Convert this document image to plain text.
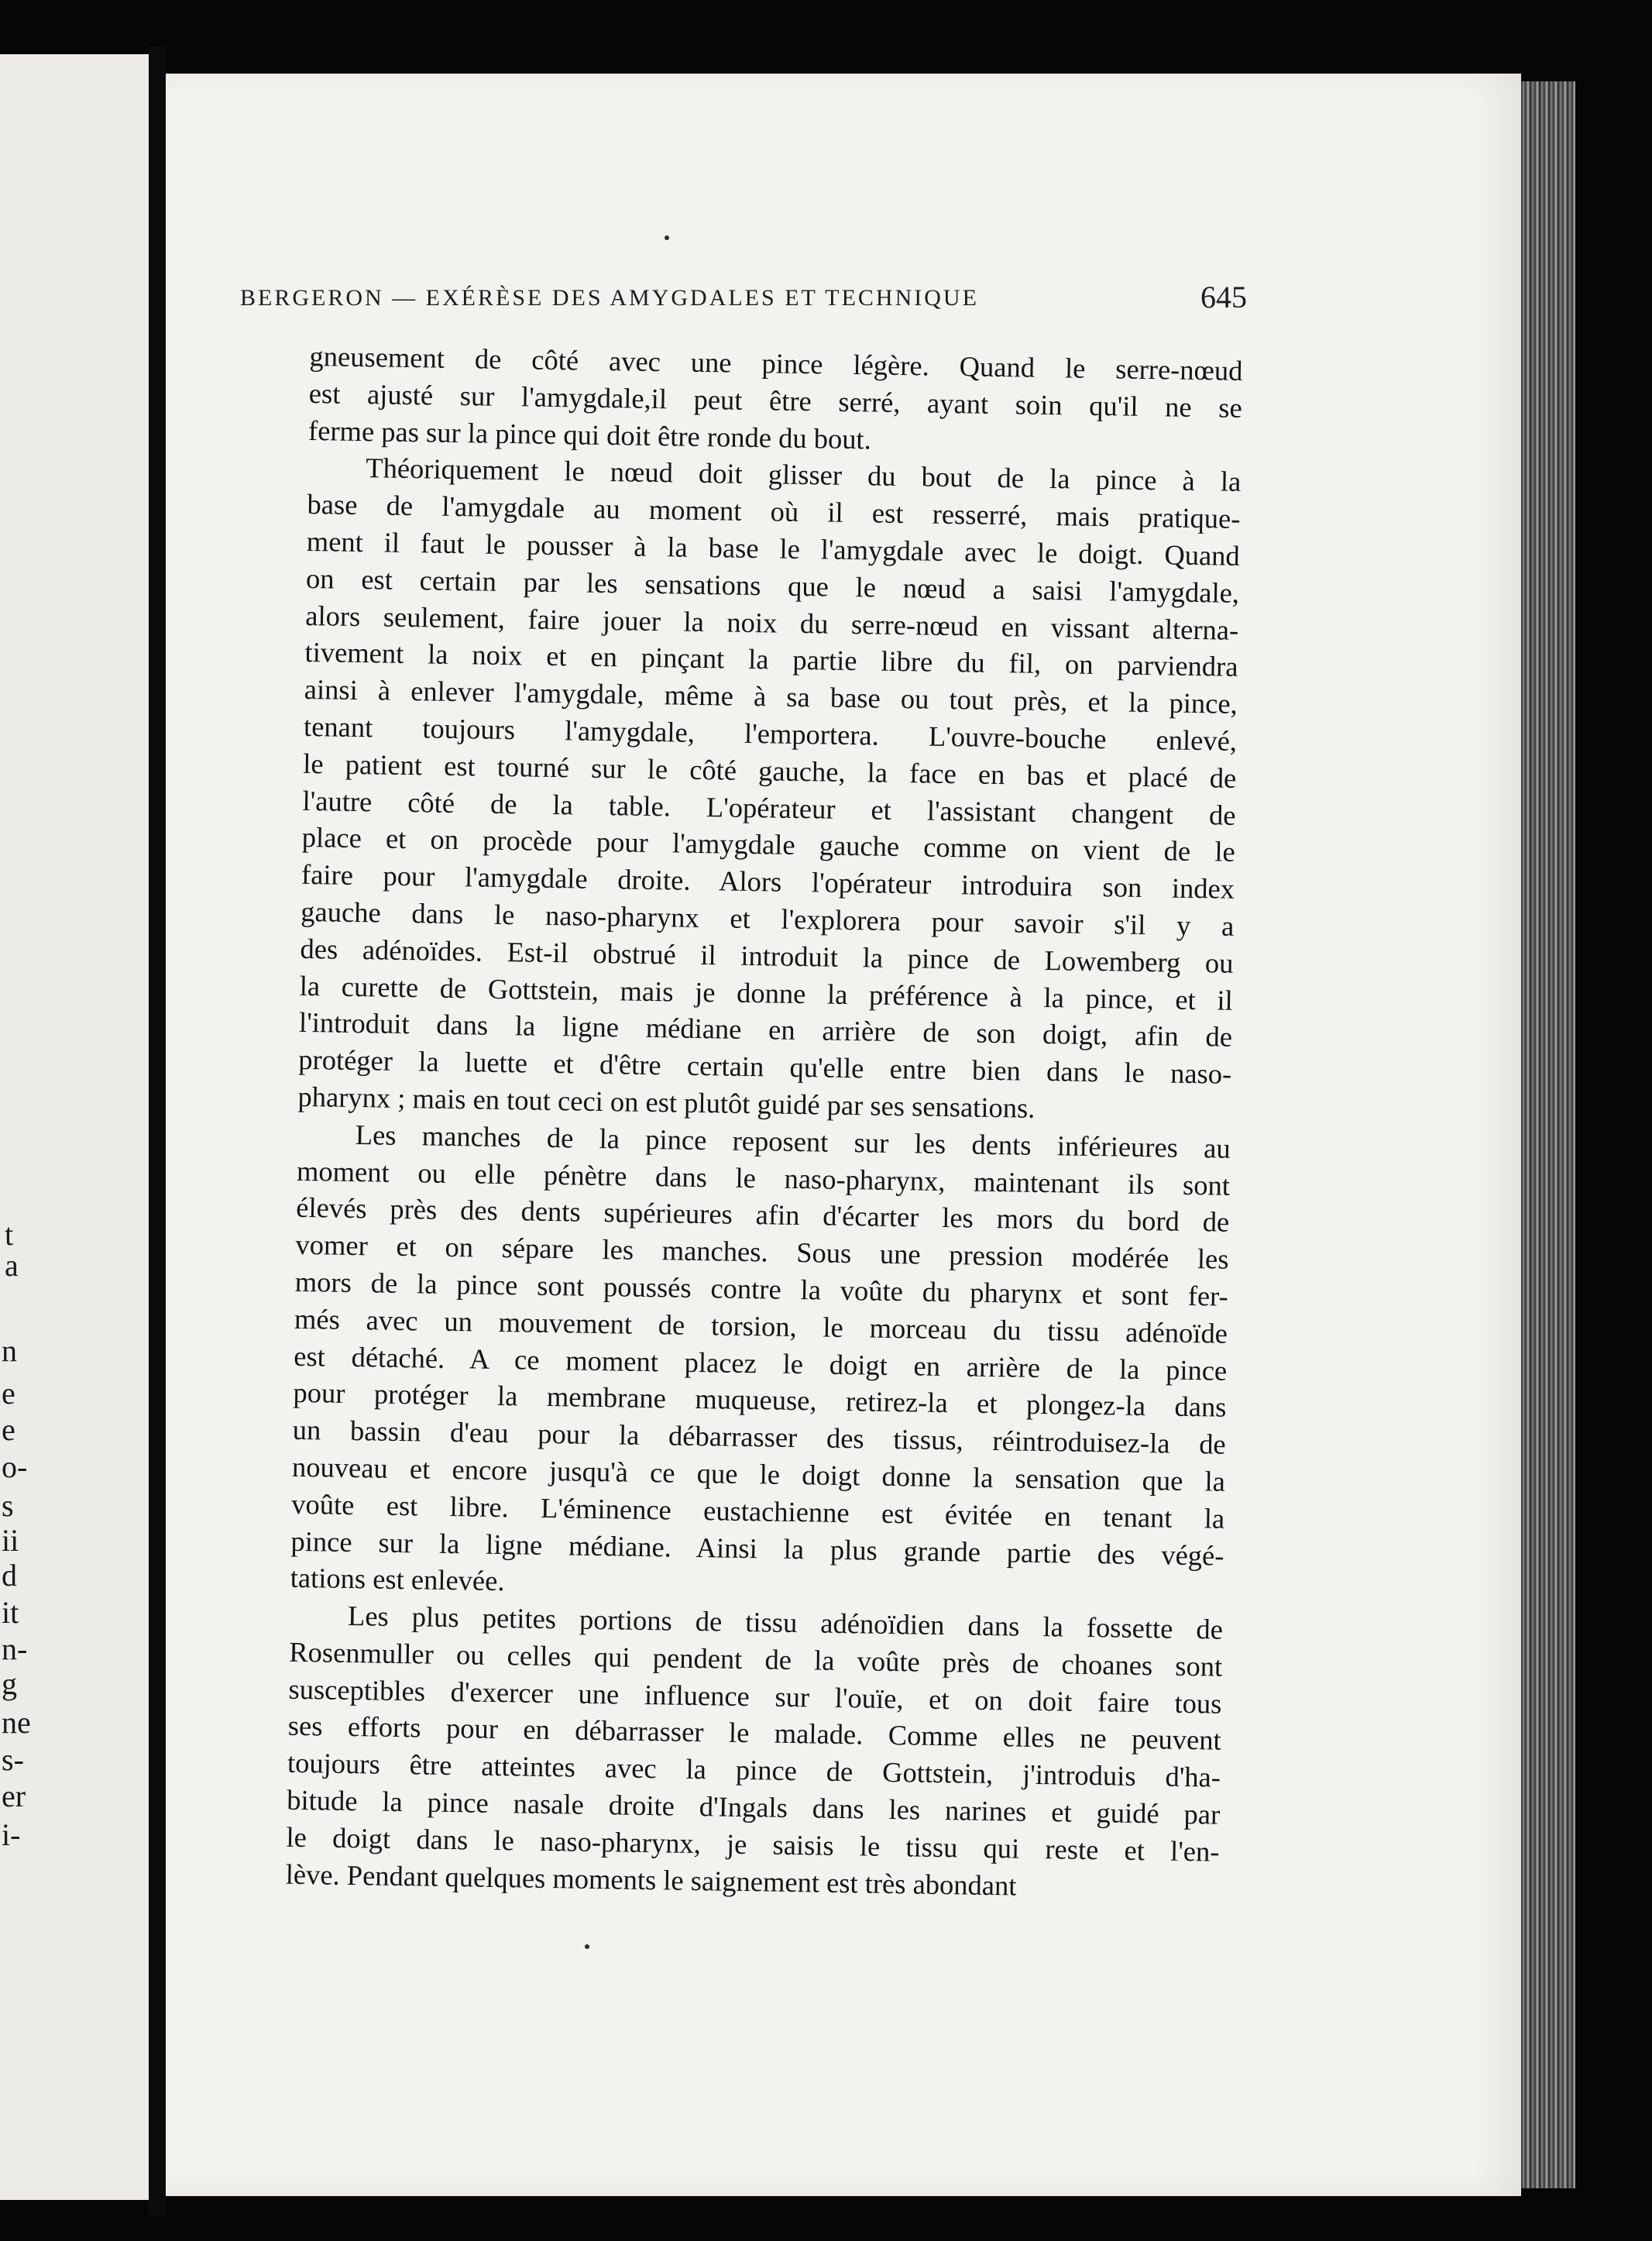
t
a
n
e
e
o-
s
ii
d
it
n-
g
ne
s-
er
i-
BERGERON — EXÉRÈSE DES AMYGDALES ET TECHNIQUE	645
gneusement de côté avec une pince légère. Quand le serre-nœud
est ajusté sur l'amygdale,il peut être serré, ayant soin qu'il ne se
ferme pas sur la pince qui doit être ronde du bout.
Théoriquement le nœud doit glisser du bout de la pince à la
base de l'amygdale au moment où il est resserré, mais pratique-
ment il faut le pousser à la base le l'amygdale avec le doigt. Quand
on est certain par les sensations que le nœud a saisi l'amygdale,
alors seulement, faire jouer la noix du serre-nœud en vissant alterna-
tivement la noix et en pinçant la partie libre du fil, on parviendra
ainsi à enlever l'amygdale, même à sa base ou tout près, et la pince,
tenant toujours l'amygdale, l'emportera. L'ouvre-bouche enlevé,
le patient est tourné sur le côté gauche, la face en bas et placé de
l'autre côté de la table. L'opérateur et l'assistant changent de
place et on procède pour l'amygdale gauche comme on vient de le
faire pour l'amygdale droite. Alors l'opérateur introduira son index
gauche dans le naso-pharynx et l'explorera pour savoir s'il y a
des adénoïdes. Est-il obstrué il introduit la pince de Lowemberg ou
la curette de Gottstein, mais je donne la préférence à la pince, et il
l'introduit dans la ligne médiane en arrière de son doigt, afin de
protéger la luette et d'être certain qu'elle entre bien dans le naso-
pharynx ; mais en tout ceci on est plutôt guidé par ses sensations.
Les manches de la pince reposent sur les dents inférieures au
moment ou elle pénètre dans le naso-pharynx, maintenant ils sont
élevés près des dents supérieures afin d'écarter les mors du bord de
vomer et on sépare les manches. Sous une pression modérée les
mors de la pince sont poussés contre la voûte du pharynx et sont fer-
més avec un mouvement de torsion, le morceau du tissu adénoïde
est détaché. A ce moment placez le doigt en arrière de la pince
pour protéger la membrane muqueuse, retirez-la et plongez-la dans
un bassin d'eau pour la débarrasser des tissus, réintroduisez-la de
nouveau et encore jusqu'à ce que le doigt donne la sensation que la
voûte est libre. L'éminence eustachienne est évitée en tenant la
pince sur la ligne médiane. Ainsi la plus grande partie des végé-
tations est enlevée.
Les plus petites portions de tissu adénoïdien dans la fossette de
Rosenmuller ou celles qui pendent de la voûte près de choanes sont
susceptibles d'exercer une influence sur l'ouïe, et on doit faire tous
ses efforts pour en débarrasser le malade. Comme elles ne peuvent
toujours être atteintes avec la pince de Gottstein, j'introduis d'ha-
bitude la pince nasale droite d'Ingals dans les narines et guidé par
le doigt dans le naso-pharynx, je saisis le tissu qui reste et l'en-
lève. Pendant quelques moments le saignement est très abondant
